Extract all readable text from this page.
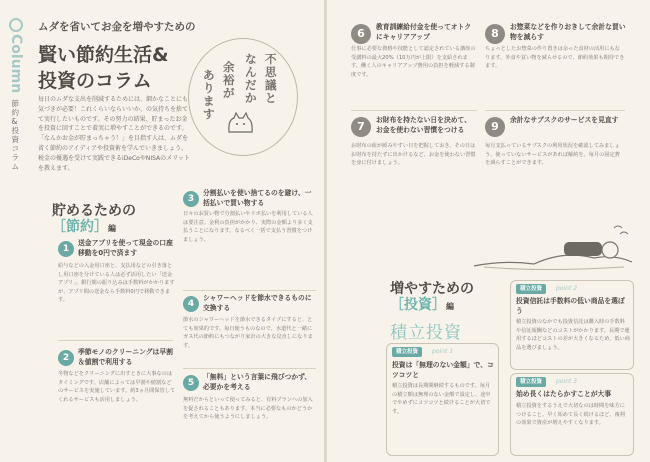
Column
節約&投資コラム
ムダを省いてお金を増やすための
賢い節約生活&
投資のコラム
毎日のムダな支出を削減するためには、細かなことにも気づきが必要！これくらいならいいか、の気持ちを捨てて実行したいものです。その努力の結果、貯まったお金を投資に回すことで着実に増やすことができるのです。「なんかお金が貯まっちゃう！」を目指す人は、ムダを省く節約のアイディアや投資術を学んでいきましょう。税金の優遇を受けて実践できるiDeCoやNISAのメリットを教えます。
不
思
議
と
な
ん
だ
か
余
裕
が
あ
り
ま
す
貯めるための
［節約］編
1
送金アプリを使って現金の口座移動を0円で済ます
給与などの入金用口座と、支払用などの引き落とし用口座を分けている人は必ず活用したい「送金アプリ」。銀行間の振り込みは手数料がかかりますが、アプリ間の送金なら手数料0円で移動できます。
2
季節モノのクリーニングは早割＆値割で利用する
冬物などをクリーニングに出すときに大事なのはタイミングです。店舗によっては早割や値割などのサービスを実施しています。約3ヵ月間保管してくれるサービスも活用しましょう。
3
分割払いを使い捨てるのを避け、一括払いで買い物する
日々のお買い物で分割払いやリボ払いを利用している人は要注意。金利の負担がかかり、実際の金額より多く支払うことになります。なるべく一括で支払う習慣をつけましょう。
4
シャワーヘッドを節水できるものに交換する
節水のシャワーヘッドを節水できるタイプにすると、とても効果的です。毎日使うものなので、水道代と一緒にガス代の節約にもつながり家計の大きな見直しになります。
5
「無料」という言葉に飛びつかず、必要かを考える
無料だからといって使ってみると、有料プランへの加入を促されることもあります。本当に必要なものかどうかを考えてから使うようにしましょう。
6	教育訓練給付金を使ってオトクにキャリアアップ
仕事に必要な資格や技能として認定されている講座の受講料の最大20%（10万円が上限）を支給されます。働く人のキャリアアップ費用の負担を軽減する制度です。
7	お財布を持たない日を決めて、お金を使わない習慣をつける
お財布の紐が緩みやすい日を把握しておき、その日はお財布を持たずに出かけるなど、お金を使わない習慣を身に付けましょう。
8	お惣菜などを作りおきして余計な買い物を減らす
ちょっとしたお惣菜の作り置きは余った食材の活用にもなります。外食や買い物を減らせるので、節約効果も期待できます。
9	余計なサブスクのサービスを見直す
毎月支払っているサブスクの利用状況を確認してみましょう。使っていないサービスがあれば解約を。毎月の固定費を減らすことができます。
増やすための
［投資］編
積立投資
積立投資	point 1
投資は「無理のない金額」で、コツコツと
積立投資は長期間継続するものです。毎月の積立額は無理のない金額で設定し、途中でやめずにコツコツと続けることが大切です。
積立投資	point 2
投資信託は手数料の低い商品を選ぼう
積立投資のなかでも投資信託は購入時の手数料や信託報酬などのコストがかかります。長期で運用するほどコストの差が大きくなるため、低い商品を選びましょう。
積立投資	point 3
始め長くはたらかすことが大事
積立投資をするうえで大切なのは時間を味方につけること。早く始めて長く続けるほど、複利の効果で資産が増えやすくなります。
